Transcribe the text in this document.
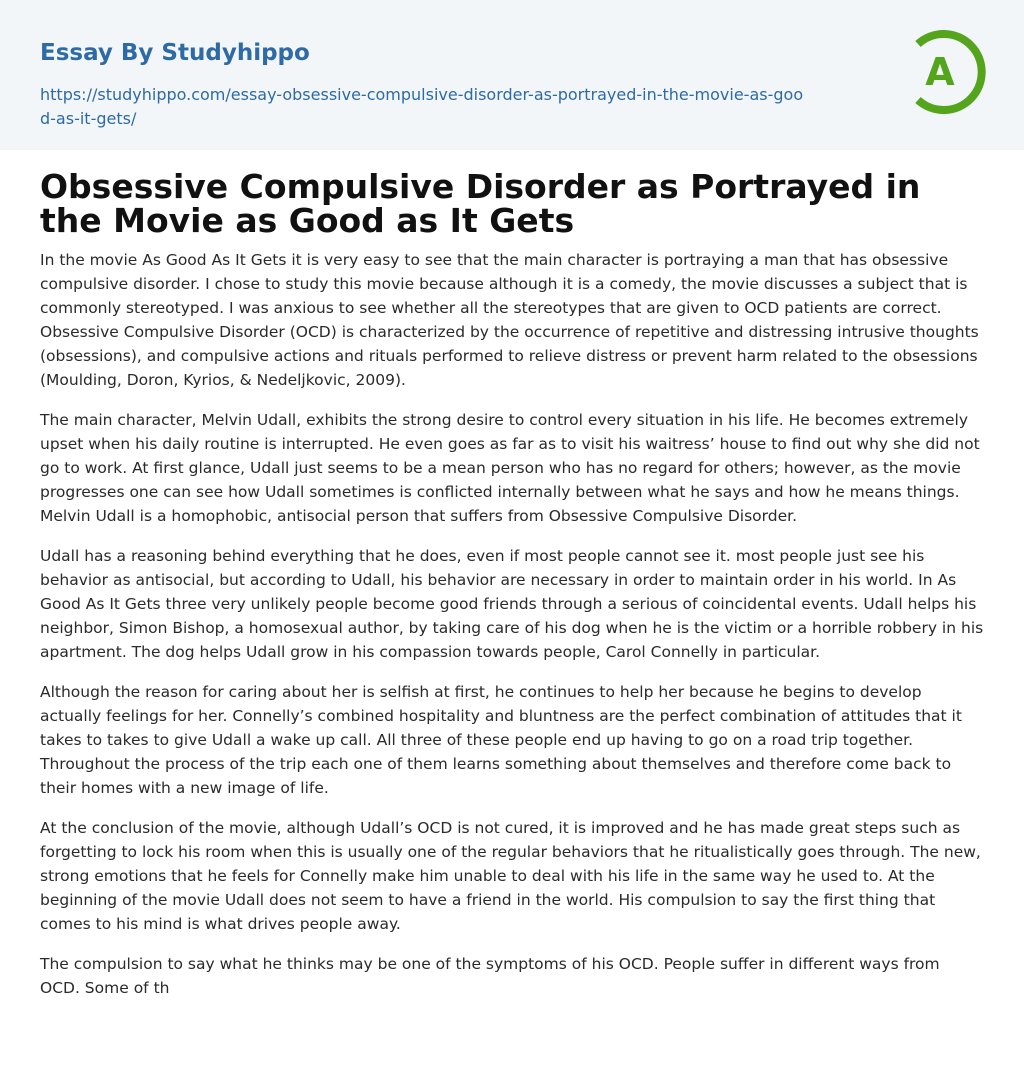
Essay By Studyhippo
https://studyhippo.com/essay-obsessive-compulsive-disorder-as-portrayed-in-the-movie-as-good-as-it-gets/
A
Obsessive Compulsive Disorder as Portrayed in the Movie as Good as It Gets

In the movie As Good As It Gets it is very easy to see that the main character is portraying a man that has obsessive compulsive disorder. I chose to study this movie because although it is a comedy, the movie discusses a subject that is commonly stereotyped. I was anxious to see whether all the stereotypes that are given to OCD patients are correct. Obsessive Compulsive Disorder (OCD) is characterized by the occurrence of repetitive and distressing intrusive thoughts (obsessions), and compulsive actions and rituals performed to relieve distress or prevent harm related to the obsessions (Moulding, Doron, Kyrios, & Nedeljkovic, 2009).

The main character, Melvin Udall, exhibits the strong desire to control every situation in his life. He becomes extremely upset when his daily routine is interrupted. He even goes as far as to visit his waitress’ house to find out why she did not go to work. At first glance, Udall just seems to be a mean person who has no regard for others; however, as the movie progresses one can see how Udall sometimes is conflicted internally between what he says and how he means things. Melvin Udall is a homophobic, antisocial person that suffers from Obsessive Compulsive Disorder.

Udall has a reasoning behind everything that he does, even if most people cannot see it. most people just see his behavior as antisocial, but according to Udall, his behavior are necessary in order to maintain order in his world. In As Good As It Gets three very unlikely people become good friends through a serious of coincidental events. Udall helps his neighbor, Simon Bishop, a homosexual author, by taking care of his dog when he is the victim or a horrible robbery in his apartment. The dog helps Udall grow in his compassion towards people, Carol Connelly in particular.

Although the reason for caring about her is selfish at first, he continues to help her because he begins to develop actually feelings for her. Connelly’s combined hospitality and bluntness are the perfect combination of attitudes that it takes to takes to give Udall a wake up call. All three of these people end up having to go on a road trip together. Throughout the process of the trip each one of them learns something about themselves and therefore come back to their homes with a new image of life.

At the conclusion of the movie, although Udall’s OCD is not cured, it is improved and he has made great steps such as forgetting to lock his room when this is usually one of the regular behaviors that he ritualistically goes through. The new, strong emotions that he feels for Connelly make him unable to deal with his life in the same way he used to. At the beginning of the movie Udall does not seem to have a friend in the world. His compulsion to say the first thing that comes to his mind is what drives people away.

The compulsion to say what he thinks may be one of the symptoms of his OCD. People suffer in different ways from OCD. Some of th
